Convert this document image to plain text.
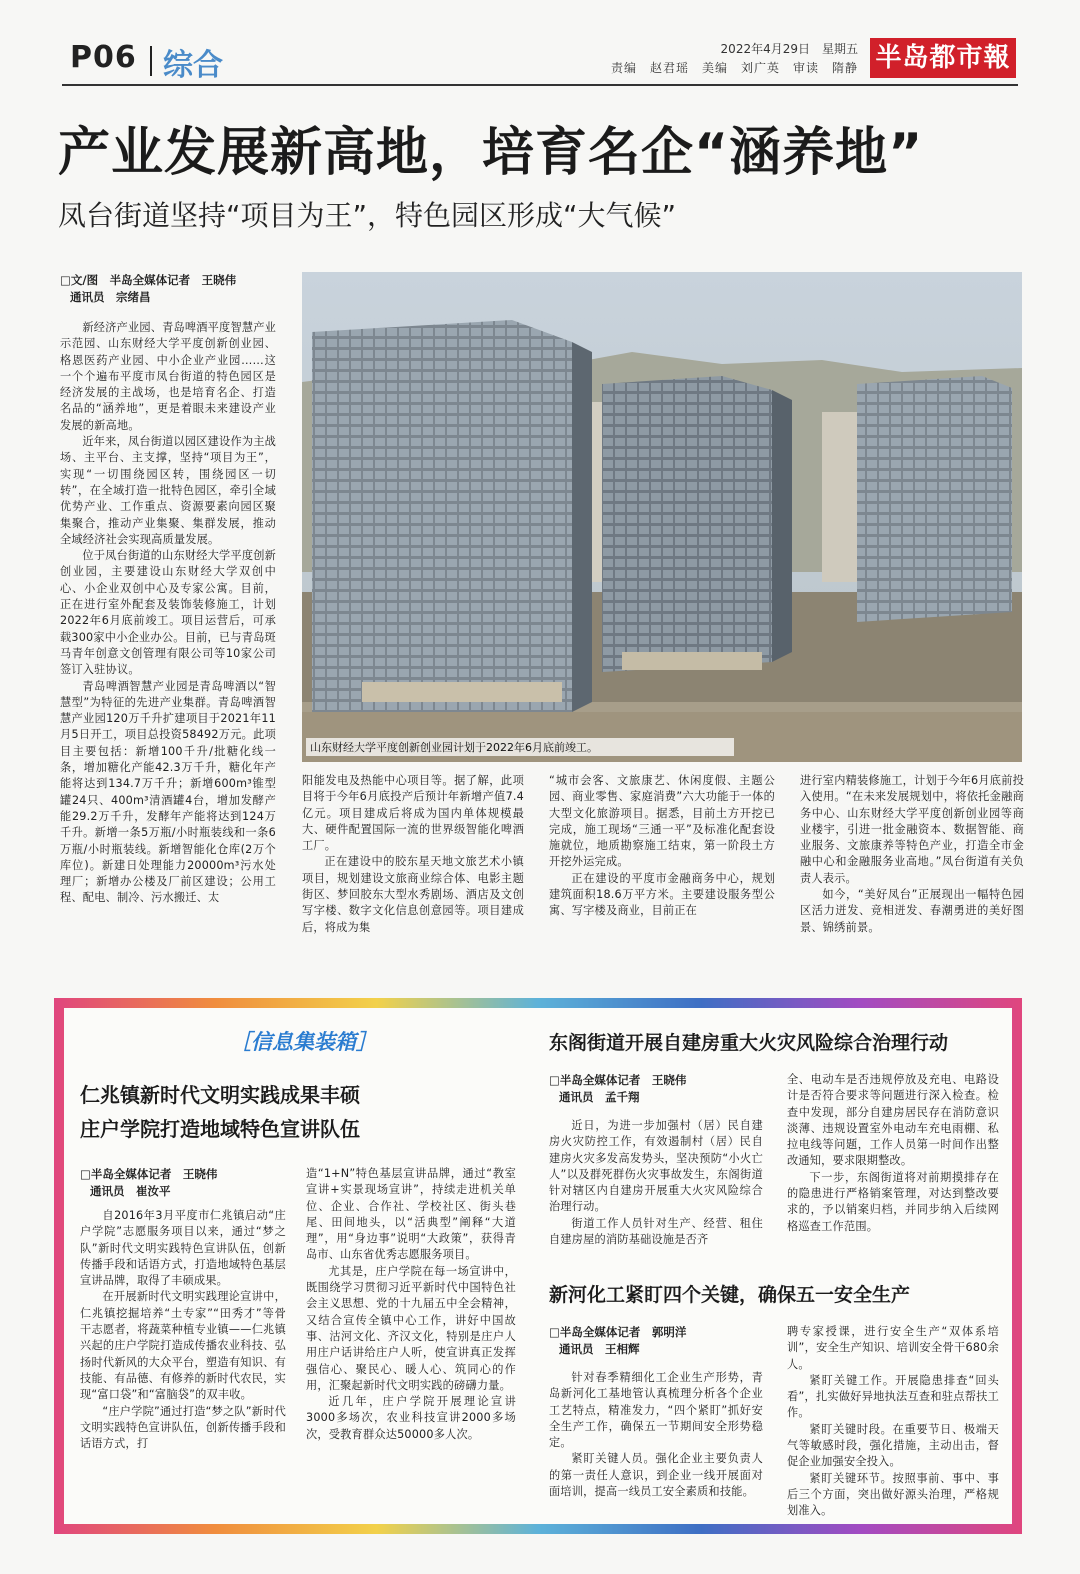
P06 综合	2022年4月29日　星期五
责编　赵君瑶　美编　刘广英　审读　隋静 半岛都市報
产业发展新高地，培育名企“涵养地”
凤台街道坚持“项目为王”，特色园区形成“大气候”
□文/图　半岛全媒体记者　王晓伟
通讯员　宗绪昌

新经济产业园、青岛啤酒平度智慧产业示范园、山东财经大学平度创新创业园、格恩医药产业园、中小企业产业园……这一个个遍布平度市凤台街道的特色园区是经济发展的主战场，也是培育名企、打造名品的“涵养地”，更是着眼未来建设产业发展的新高地。

近年来，凤台街道以园区建设作为主战场、主平台、主支撑，坚持“项目为王”，实现“一切围绕园区转，围绕园区一切转”，在全域打造一批特色园区，牵引全域优势产业、工作重点、资源要素向园区聚集聚合，推动产业集聚、集群发展，推动全域经济社会实现高质量发展。

位于凤台街道的山东财经大学平度创新创业园，主要建设山东财经大学双创中心、小企业双创中心及专家公寓。目前，正在进行室外配套及装饰装修施工，计划2022年6月底前竣工。项目运营后，可承载300家中小企业办公。目前，已与青岛斑马青年创意文创管理有限公司等10家公司签订入驻协议。

青岛啤酒智慧产业园是青岛啤酒以“智慧型”为特征的先进产业集群。青岛啤酒智慧产业园120万千升扩建项目于2021年11月5日开工，项目总投资58492万元。此项目主要包括：新增100千升/批糖化线一条，增加糖化产能42.3万千升，糖化年产能将达到134.7万千升；新增600m³锥型罐24只、400m³清酒罐4台，增加发酵产能29.2万千升，发酵年产能将达到124万千升。新增一条5万瓶/小时瓶装线和一条6万瓶/小时瓶装线。新增智能化仓库(2万个库位)。新建日处理能力20000m³污水处理厂；新增办公楼及厂前区建设；公用工程、配电、制冷、污水搬迁、太

山东财经大学平度创新创业园计划于2022年6月底前竣工。

阳能发电及热能中心项目等。据了解，此项目将于今年6月底投产后预计年新增产值7.4亿元。项目建成后将成为国内单体规模最大、硬件配置国际一流的世界级智能化啤酒工厂。

正在建设中的胶东星天地文旅艺术小镇项目，规划建设文旅商业综合体、电影主题街区、梦回胶东大型水秀剧场、酒店及文创写字楼、数字文化信息创意园等。项目建成后，将成为集

“城市会客、文旅康艺、休闲度假、主题公园、商业零售、家庭消费”六大功能于一体的大型文化旅游项目。据悉，目前土方开挖已完成，施工现场“三通一平”及标准化配套设施就位，地质勘察施工结束，第一阶段土方开挖外运完成。

正在建设的平度市金融商务中心，规划建筑面积18.6万平方米。主要建设服务型公寓、写字楼及商业，目前正在

进行室内精装修施工，计划于今年6月底前投入使用。“在未来发展规划中，将依托金融商务中心、山东财经大学平度创新创业园等商业楼宇，引进一批金融资本、数据智能、商业服务、文旅康养等特色产业，打造全市金融中心和金融服务业高地。”凤台街道有关负责人表示。

如今，“美好凤台”正展现出一幅特色园区活力迸发、竞相迸发、春潮勇进的美好图景、锦绣前景。

［信息集装箱］
仁兆镇新时代文明实践成果丰硕
庄户学院打造地域特色宣讲队伍
□半岛全媒体记者　王晓伟
通讯员　崔汝平

自2016年3月平度市仁兆镇启动“庄户学院”志愿服务项目以来，通过“梦之队”新时代文明实践特色宣讲队伍，创新传播手段和话语方式，打造地域特色基层宣讲品牌，取得了丰硕成果。

在开展新时代文明实践理论宣讲中，仁兆镇挖掘培养“土专家”“田秀才”等骨干志愿者，将蔬菜种植专业镇——仁兆镇兴起的庄户学院打造成传播农业科技、弘扬时代新风的大众平台，塑造有知识、有技能、有品德、有修养的新时代农民，实现“富口袋”和“富脑袋”的双丰收。

“庄户学院”通过打造“梦之队”新时代文明实践特色宣讲队伍，创新传播手段和话语方式，打

造“1+N”特色基层宣讲品牌，通过“教室宣讲+实景现场宣讲”，持续走进机关单位、企业、合作社、学校社区、街头巷尾、田间地头，以“活典型”阐释“大道理”，用“身边事”说明“大政策”，获得青岛市、山东省优秀志愿服务项目。

尤其是，庄户学院在每一场宣讲中，既围绕学习贯彻习近平新时代中国特色社会主义思想、党的十九届五中全会精神，又结合宣传全镇中心工作，讲好中国故事、沽河文化、齐汉文化，特别是庄户人用庄户话讲给庄户人听，使宣讲真正发挥强信心、聚民心、暖人心、筑同心的作用，汇聚起新时代文明实践的磅礴力量。

近几年，庄户学院开展理论宣讲3000多场次，农业科技宣讲2000多场次，受教育群众达50000多人次。

东阁街道开展自建房重大火灾风险综合治理行动
□半岛全媒体记者　王晓伟
通讯员　孟千翔

近日，为进一步加强村（居）民自建房火灾防控工作，有效遏制村（居）民自建房火灾多发高发势头，坚决预防“小火亡人”以及群死群伤火灾事故发生，东阁街道针对辖区内自建房开展重大火灾风险综合治理行动。

街道工作人员针对生产、经营、租住自建房屋的消防基础设施是否齐

全、电动车是否违规停放及充电、电路设计是否符合要求等问题进行深入检查。检查中发现，部分自建房居民存在消防意识淡薄、违规设置室外电动车充电雨棚、私拉电线等问题，工作人员第一时间作出整改通知，要求限期整改。

下一步，东阁街道将对前期摸排存在的隐患进行严格销案管理，对达到整改要求的，予以销案归档，并同步纳入后续网格巡查工作范围。

新河化工紧盯四个关键，确保五一安全生产
□半岛全媒体记者　郭明洋
通讯员　王相辉

针对春季精细化工企业生产形势，青岛新河化工基地管认真梳理分析各个企业工艺特点，精准发力，“四个紧盯”抓好安全生产工作，确保五一节期间安全形势稳定。

紧盯关键人员。强化企业主要负责人的第一责任人意识，到企业一线开展面对面培训，提高一线员工安全素质和技能。

聘专家授课，进行安全生产“双体系培训”，安全生产知识、培训安全骨干680余人。

紧盯关键工作。开展隐患排查“回头看”，扎实做好异地执法互查和驻点帮扶工作。

紧盯关键时段。在重要节日、极端天气等敏感时段，强化措施，主动出击，督促企业加强安全投入。

紧盯关键环节。按照事前、事中、事后三个方面，突出做好源头治理，严格规划准入。
